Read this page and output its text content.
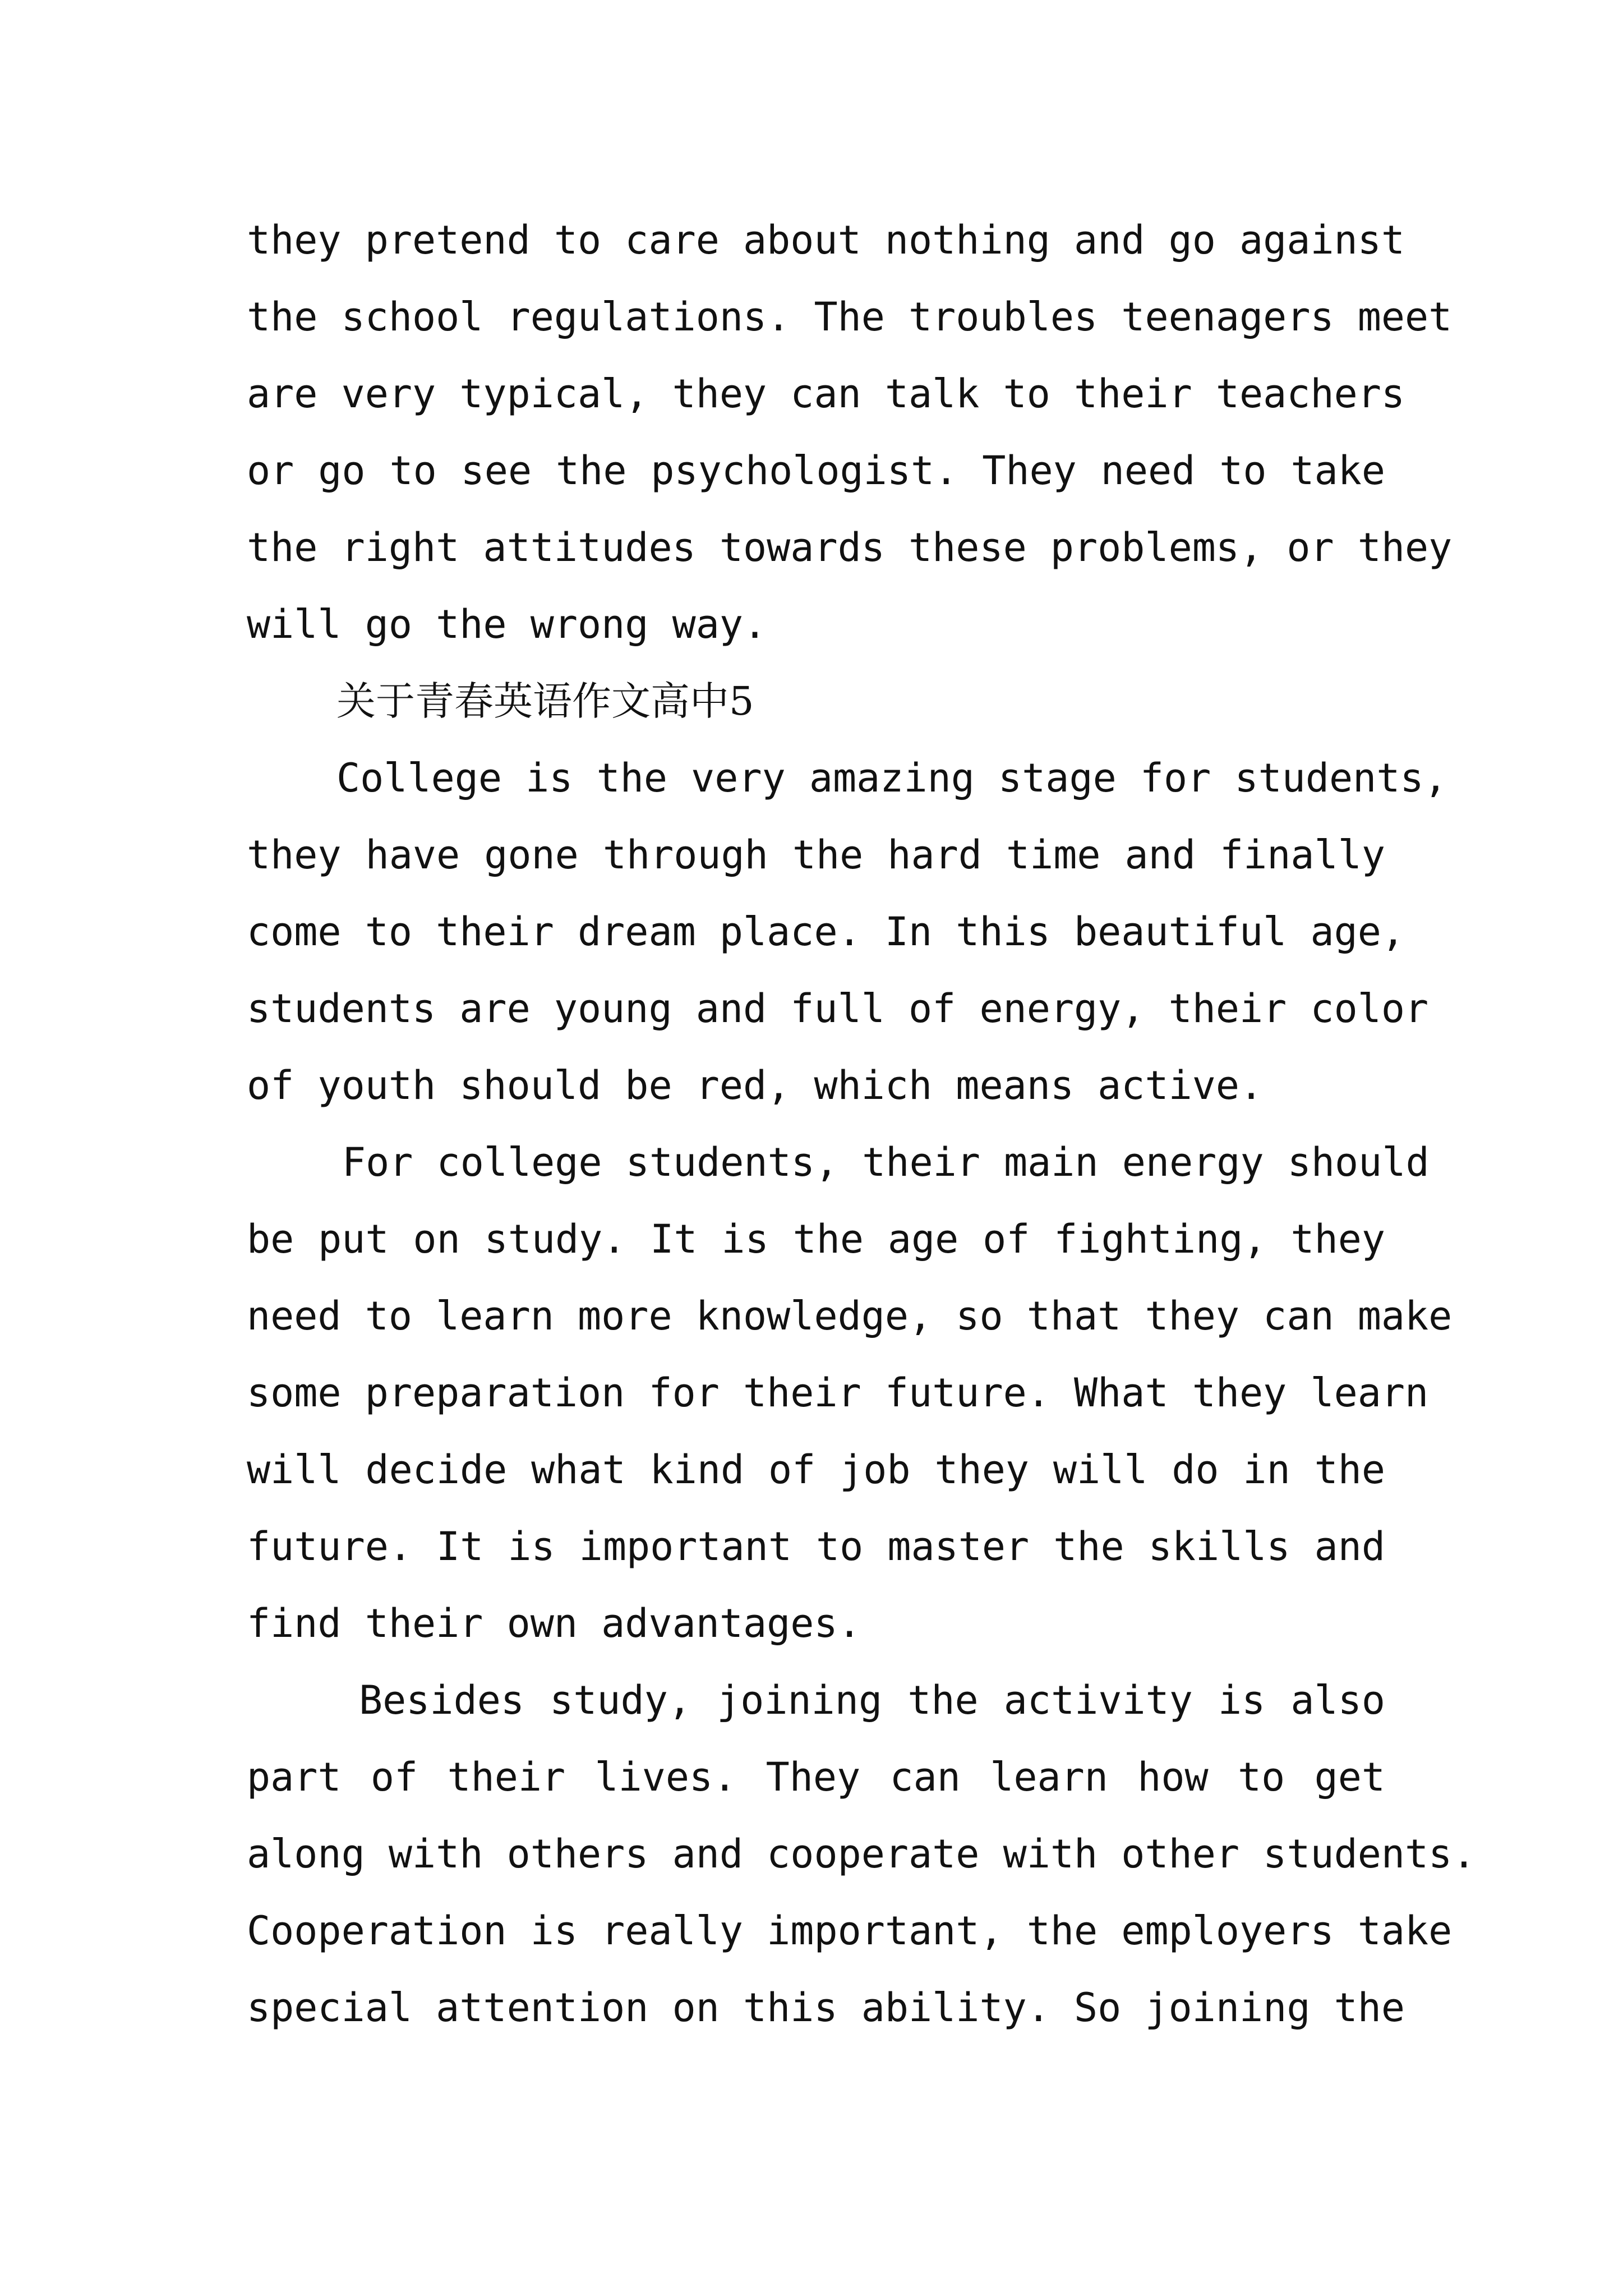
they pretend to care about nothing and go against
the school regulations. The troubles teenagers meet
are very typical, they can talk to their teachers
or go to see the psychologist. They need to take
the right attitudes towards these problems, or they
will go the wrong way.
关于青春英语作文高中5
College is the very amazing stage for students,
they have gone through the hard time and finally
come to their dream place. In this beautiful age,
students are young and full of energy, their color
of youth should be red, which means active.
For college students, their main energy should
be put on study. It is the age of fighting, they
need to learn more knowledge, so that they can make
some preparation for their future. What they learn
will decide what kind of job they will do in the
future. It is important to master the skills and
find their own advantages.
Besides study, joining the activity is also
part of their lives. They can learn how to get
along with others and cooperate with other students.
Cooperation is really important, the employers take
special attention on this ability. So joining the
